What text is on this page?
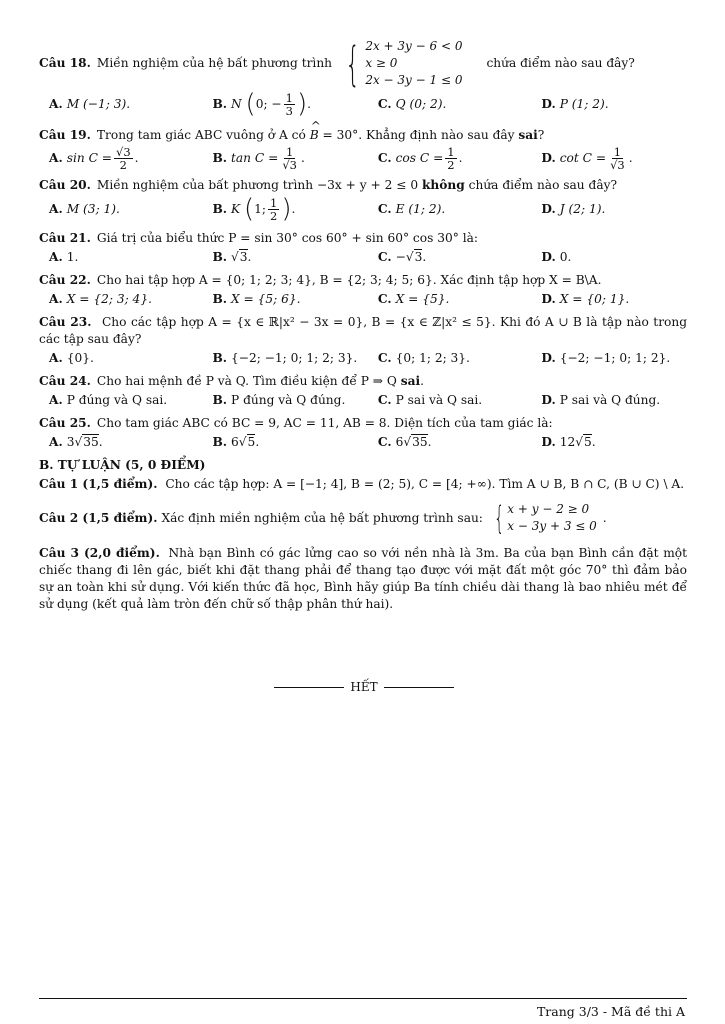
Câu 18. Miền nghiệm của hệ bất phương trình { 2x + 3y − 6 < 0
x ≥ 0
2x − 3y − 1 ≤ 0
chứa điểm nào sau đây?
A. M (−1; 3).	B. N
( 0; − $\frac{1}{3}$ ) .	C. Q (0; 2).	D. P (1; 2).
Câu 19. Trong tam giác ABC vuông ở A có

^ B
= 30°. Khẳng định nào sau đây
sai ?
A. $\sin C = \frac{√3}{2}$ .	B. $\tan C = \frac{1}{√3}$ .	C. $\cos C = \frac{1}{2}$ .	D. $\cot C = \frac{1}{√3}$ .
Câu 20. Miền nghiệm của bất phương trình −3x + y + 2 ≤ 0
không
chứa điểm nào sau đây?
A. M (3; 1).	B. K
( 1; $\frac{1}{2}$ ) .	C. E (1; 2).	D. J (2; 1).
Câu 21. Giá trị của biểu thức P = sin 30° cos 60° + sin 60° cos 30° là:
A. 1.	B. √3 .	C. − √3 .	D. 0.
Câu 22. Cho hai tập hợp A = {0; 1; 2; 3; 4}, B = {2; 3; 4; 5; 6}. Xác định tập hợp X = B\A.
A. X = {2; 3; 4}.	B. X = {5; 6}.	C. X = {5}.	D. X = {0; 1}.
Câu 23. Cho các tập hợp A = {x ∈ ℝ|x² − 3x = 0}, B = {x ∈ ℤ|x² ≤ 5}. Khi đó A ∪ B là tập nào trong các tập sau đây?
A. {0}.	B. {−2; −1; 0; 1; 2; 3}. C. {0; 1; 2; 3}.	D. {−2; −1; 0; 1; 2}.
Câu 24. Cho hai mệnh đề P và Q. Tìm điều kiện để P ⇒ Q
sai .
A. P đúng và Q sai.	B. P đúng và Q đúng.	C. P sai và Q sai.	D. P sai và Q đúng.
Câu 25. Cho tam giác ABC có BC = 9, AC = 11, AB = 8. Diện tích của tam giác là:
A. 3 √35 .	B. 6 √5 .	C. 6 √35 .	D. 12 √5 .
B. TỰ LUẬN (5, 0 ĐIỂM)
Câu 1 (1,5 điểm). Cho các tập hợp: A = [−1; 4], B = (2; 5), C = [4; +∞). Tìm A ∪ B, B ∩ C, (B ∪ C) \ A.
Câu 2 (1,5 điểm). Xác định miền nghiệm của hệ bất phương trình sau: { x + y − 2 ≥ 0
x − 3y + 3 ≤ 0
.
Câu 3 (2,0 điểm). Nhà bạn Bình có gác lửng cao so với nền nhà là 3m. Ba của bạn Bình cần đặt một chiếc thang đi lên gác, biết khi đặt thang phải để thang tạo được với mặt đất một góc 70° thì đảm bảo sự an toàn khi sử dụng. Với kiến thức đã học, Bình hãy giúp Ba tính chiều dài thang là bao nhiêu mét để sử dụng (kết quả làm tròn đến chữ số thập phân thứ hai).
HẾT
Trang 3/3 - Mã đề thi A
